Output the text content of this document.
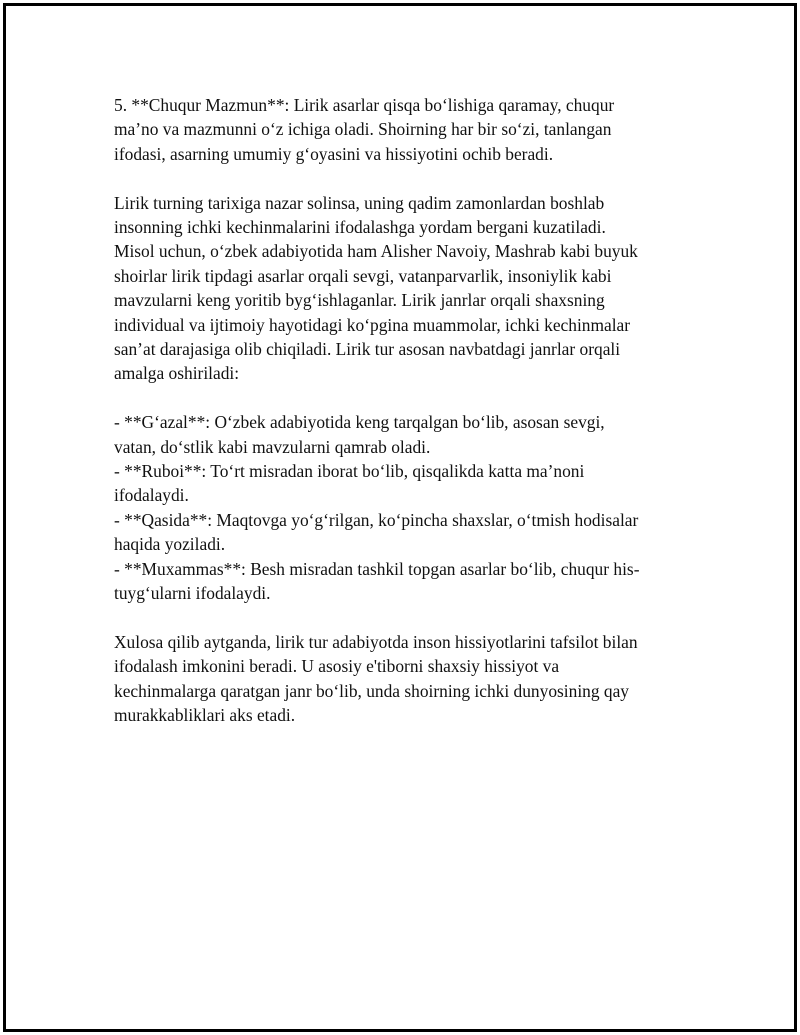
5. **Chuqur Mazmun**: Lirik asarlar qisqa bo‘lishiga qaramay, chuqur

ma’no va mazmunni o‘z ichiga oladi. Shoirning har bir so‘zi, tanlangan

ifodasi, asarning umumiy g‘oyasini va hissiyotini ochib beradi.

Lirik turning tarixiga nazar solinsa, uning qadim zamonlardan boshlab

insonning ichki kechinmalarini ifodalashga yordam bergani kuzatiladi.

Misol uchun, o‘zbek adabiyotida ham Alisher Navoiy, Mashrab kabi buyuk

shoirlar lirik tipdagi asarlar orqali sevgi, vatanparvarlik, insoniylik kabi

mavzularni keng yoritib byg‘ishlaganlar. Lirik janrlar orqali shaxsning

individual va ijtimoiy hayotidagi ko‘pgina muammolar, ichki kechinmalar

san’at darajasiga olib chiqiladi. Lirik tur asosan navbatdagi janrlar orqali

amalga oshiriladi:

- **G‘azal**: O‘zbek adabiyotida keng tarqalgan bo‘lib, asosan sevgi,

vatan, do‘stlik kabi mavzularni qamrab oladi.

- **Ruboi**: To‘rt misradan iborat bo‘lib, qisqalikda katta ma’noni

ifodalaydi.

- **Qasida**: Maqtovga yo‘g‘rilgan, ko‘pincha shaxslar, o‘tmish hodisalar

haqida yoziladi.

- **Muxammas**: Besh misradan tashkil topgan asarlar bo‘lib, chuqur his-

tuyg‘ularni ifodalaydi.

Xulosa qilib aytganda, lirik tur adabiyotda inson hissiyotlarini tafsilot bilan

ifodalash imkonini beradi. U asosiy e'tiborni shaxsiy hissiyot va

kechinmalarga qaratgan janr bo‘lib, unda shoirning ichki dunyosining qay

murakkabliklari aks etadi.
